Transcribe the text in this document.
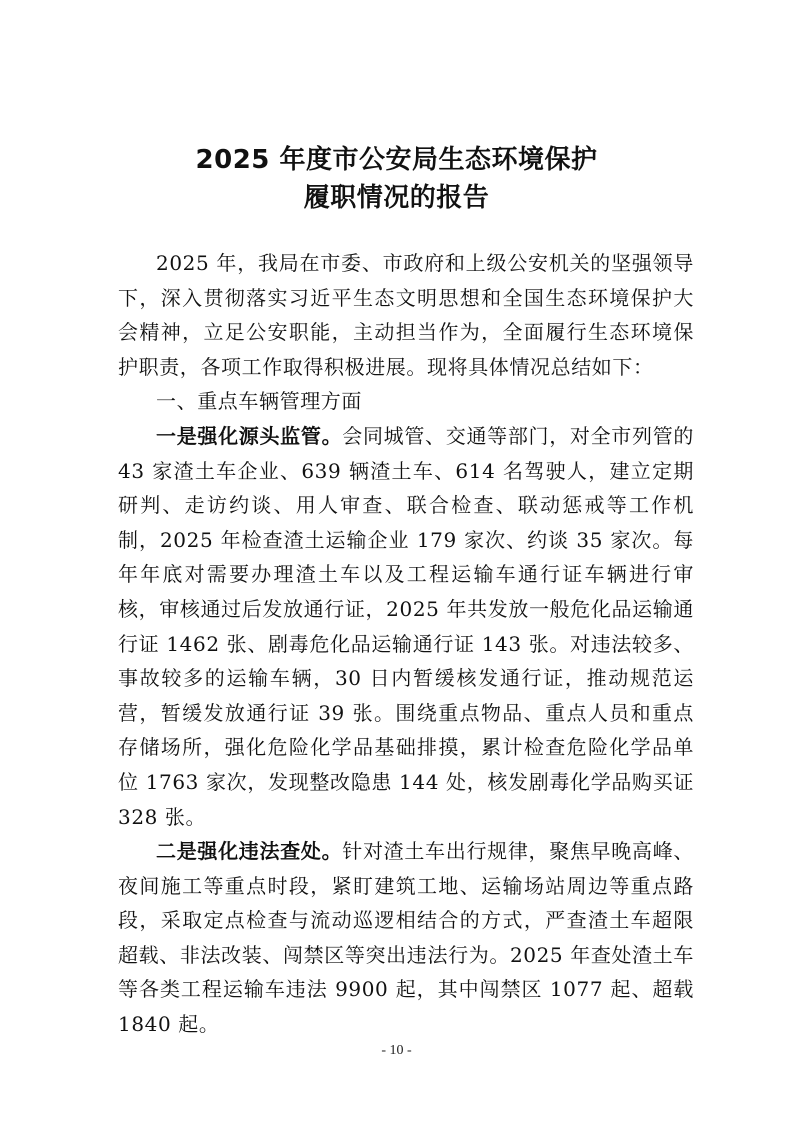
2025 年度市公安局生态环境保护
履职情况的报告

2025 年，我局在市委、市政府和上级公安机关的坚强领导下，深入贯彻落实习近平生态文明思想和全国生态环境保护大会精神，立足公安职能，主动担当作为，全面履行生态环境保护职责，各项工作取得积极进展。现将具体情况总结如下：

一、重点车辆管理方面

一是强化源头监管。会同城管、交通等部门，对全市列管的 43 家渣土车企业、639 辆渣土车、614 名驾驶人，建立定期研判、走访约谈、用人审查、联合检查、联动惩戒等工作机制，2025 年检查渣土运输企业 179 家次、约谈 35 家次。每年年底对需要办理渣土车以及工程运输车通行证车辆进行审核，审核通过后发放通行证，2025 年共发放一般危化品运输通行证 1462 张、剧毒危化品运输通行证 143 张。对违法较多、事故较多的运输车辆，30 日内暂缓核发通行证，推动规范运营，暂缓发放通行证 39 张。围绕重点物品、重点人员和重点存储场所，强化危险化学品基础排摸，累计检查危险化学品单位 1763 家次，发现整改隐患 144 处，核发剧毒化学品购买证 328 张。

二是强化违法查处。针对渣土车出行规律，聚焦早晚高峰、夜间施工等重点时段，紧盯建筑工地、运输场站周边等重点路段，采取定点检查与流动巡逻相结合的方式，严查渣土车超限超载、非法改装、闯禁区等突出违法行为。2025 年查处渣土车等各类工程运输车违法 9900 起，其中闯禁区 1077 起、超载 1840 起。

- 10 -
